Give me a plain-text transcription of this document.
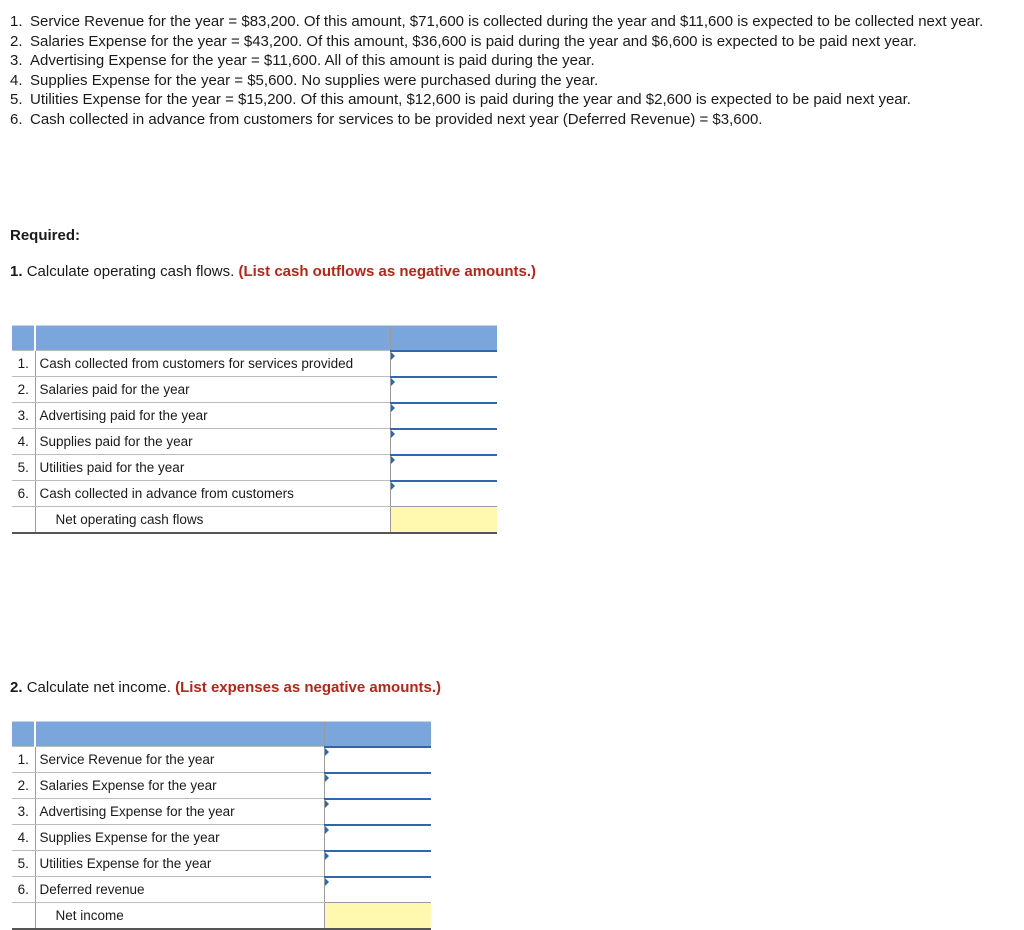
1. Service Revenue for the year = $83,200. Of this amount, $71,600 is collected during the year and $11,600 is expected to be collected next year.
2. Salaries Expense for the year = $43,200. Of this amount, $36,600 is paid during the year and $6,600 is expected to be paid next year.
3. Advertising Expense for the year = $11,600. All of this amount is paid during the year.
4. Supplies Expense for the year = $5,600. No supplies were purchased during the year.
5. Utilities Expense for the year = $15,200. Of this amount, $12,600 is paid during the year and $2,600 is expected to be paid next year.
6. Cash collected in advance from customers for services to be provided next year (Deferred Revenue) = $3,600.
Required:
1. Calculate operating cash flows. (List cash outflows as negative amounts.)

1.	Cash collected from customers for services provided	

2.	Salaries paid for the year	

3.	Advertising paid for the year	

4.	Supplies paid for the year	

5.	Utilities paid for the year	

6.	Cash collected in advance from customers	

	Net operating cash flows	
2. Calculate net income. (List expenses as negative amounts.)

1.	Service Revenue for the year	

2.	Salaries Expense for the year	

3.	Advertising Expense for the year	

4.	Supplies Expense for the year	

5.	Utilities Expense for the year	

6.	Deferred revenue	

	Net income	
